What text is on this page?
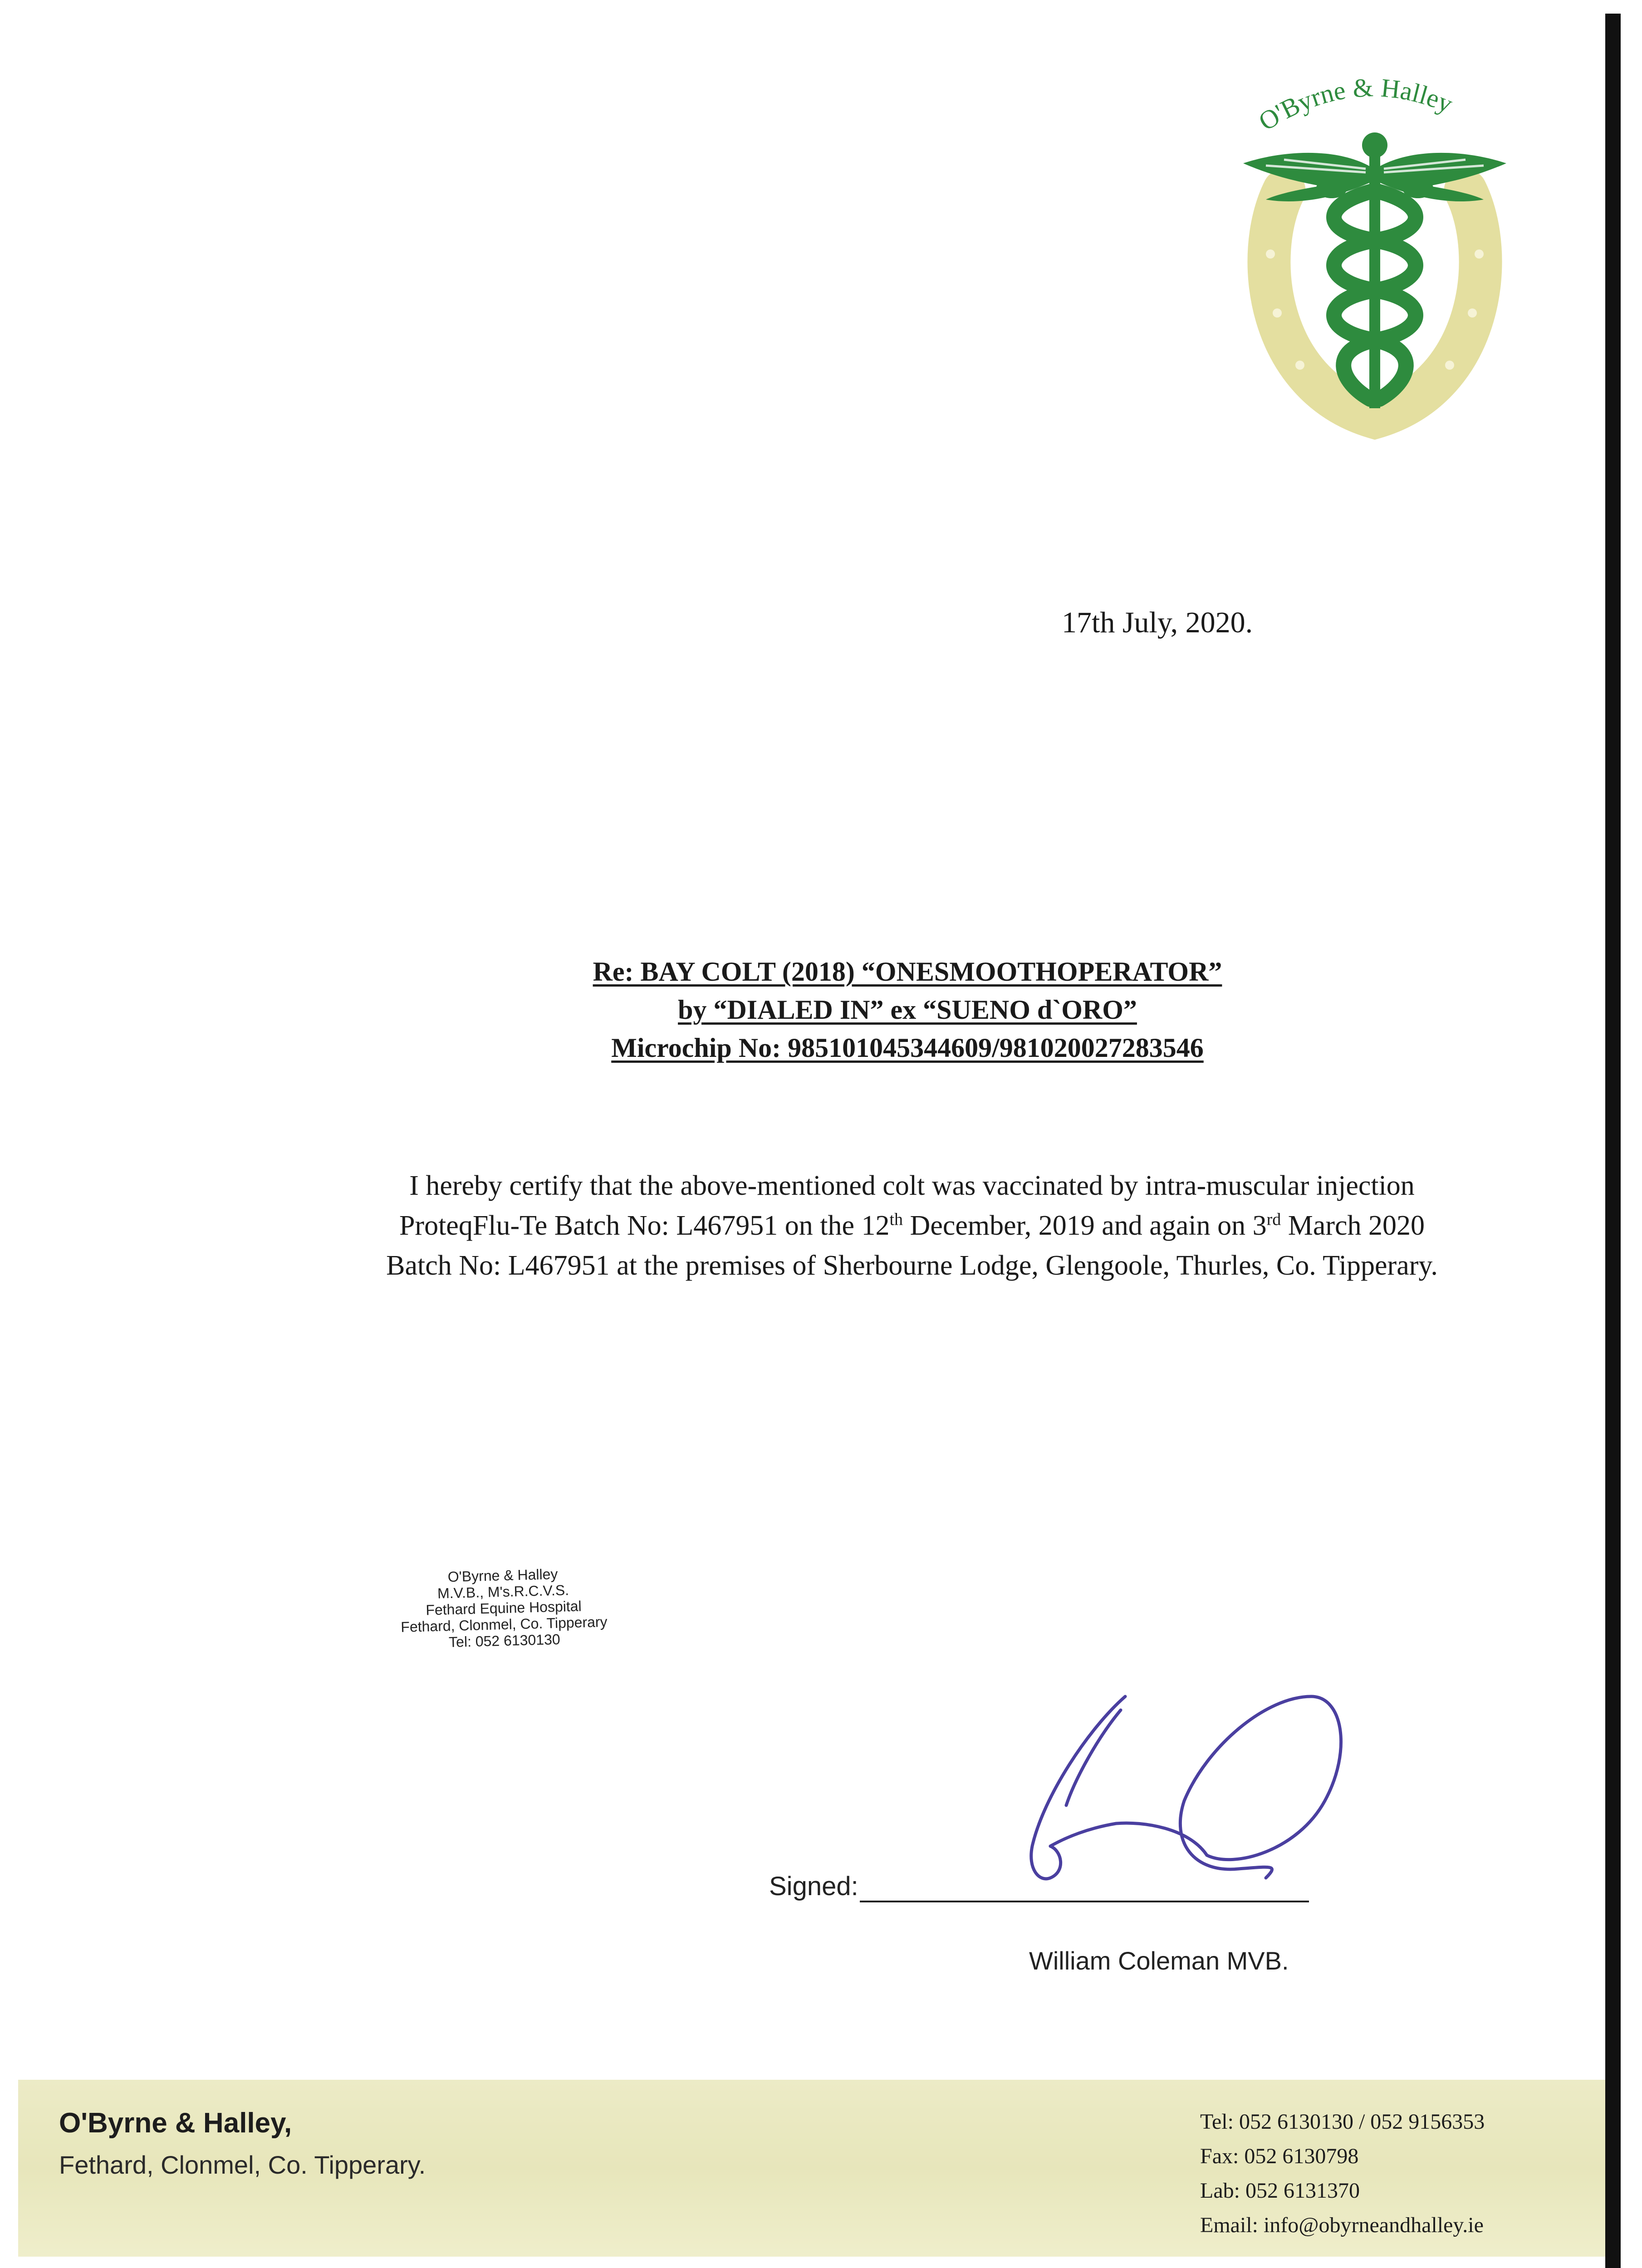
O'Byrne & Halley
17th July, 2020.
Re: BAY COLT (2018) “ONESMOOTHOPERATOR”
by “DIALED IN” ex “SUENO d`ORO”
Microchip No: 985101045344609/981020027283546
I hereby certify that the above-mentioned colt was vaccinated by intra-muscular injection
ProteqFlu-Te Batch No: L467951 on the 12th December, 2019 and again on 3rd March 2020
Batch No: L467951 at the premises of Sherbourne Lodge, Glengoole, Thurles, Co. Tipperary.
O'Byrne & Halley
M.V.B., M's.R.C.V.S.
Fethard Equine Hospital
Fethard, Clonmel, Co. Tipperary
Tel: 052 6130130
Signed:
William Coleman MVB.
O'Byrne & Halley,
Fethard, Clonmel, Co. Tipperary.
Tel: 052 6130130 / 052 9156353
Fax: 052 6130798
Lab: 052 6131370
Email: info@obyrneandhalley.ie
